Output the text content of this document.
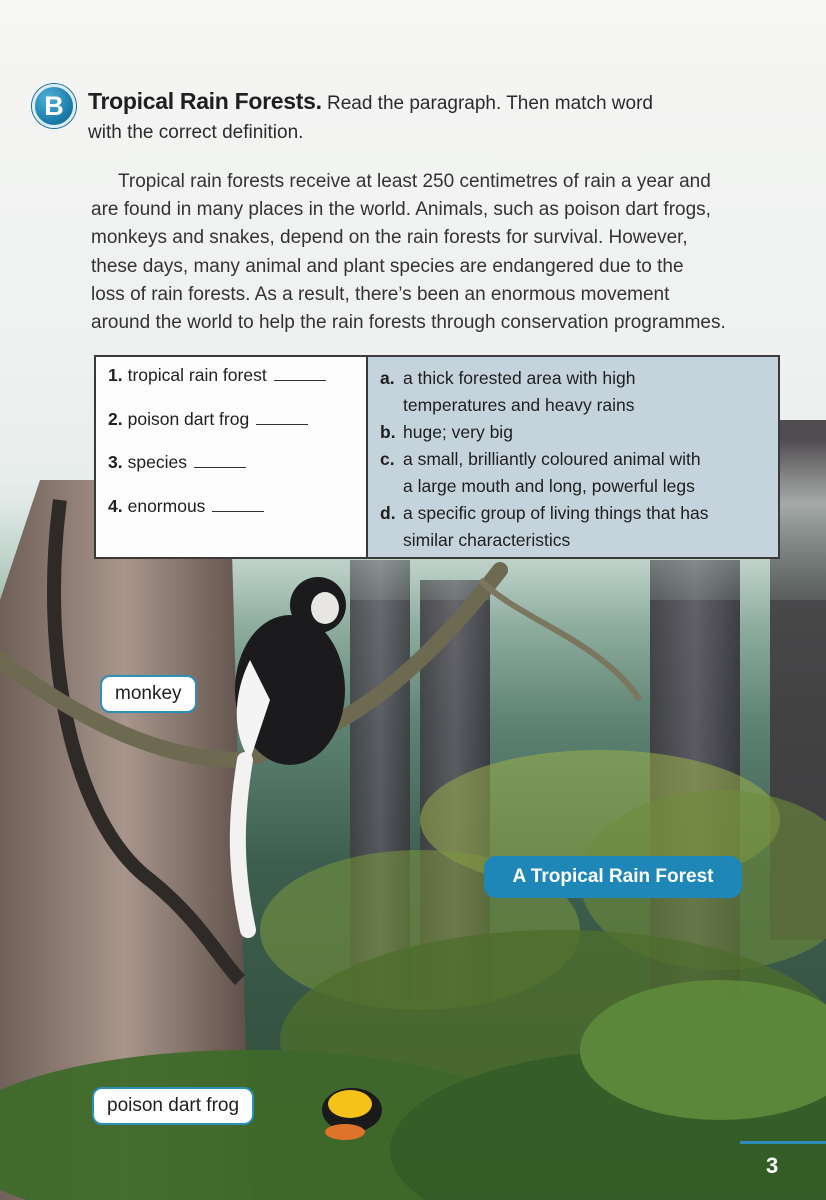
B	Tropical Rain Forests. Read the paragraph. Then match word
with the correct definition.
Tropical rain forests receive at least 250 centimetres of rain a year and
are found in many places in the world. Animals, such as poison dart frogs,
monkeys and snakes, depend on the rain forests for survival. However,
these days, many animal and plant species are endangered due to the
loss of rain forests. As a result, there’s been an enormous movement
around the world to help the rain forests through conservation programmes.
1. tropical rain forest
2. poison dart frog
3. species
4. enormous
a. a thick forested area with high
temperatures and heavy rains
b. huge; very big
c. a small, brilliantly coloured animal with
a large mouth and long, powerful legs
d. a specific group of living things that has
similar characteristics
monkey
A Tropical Rain Forest
poison dart frog
3
